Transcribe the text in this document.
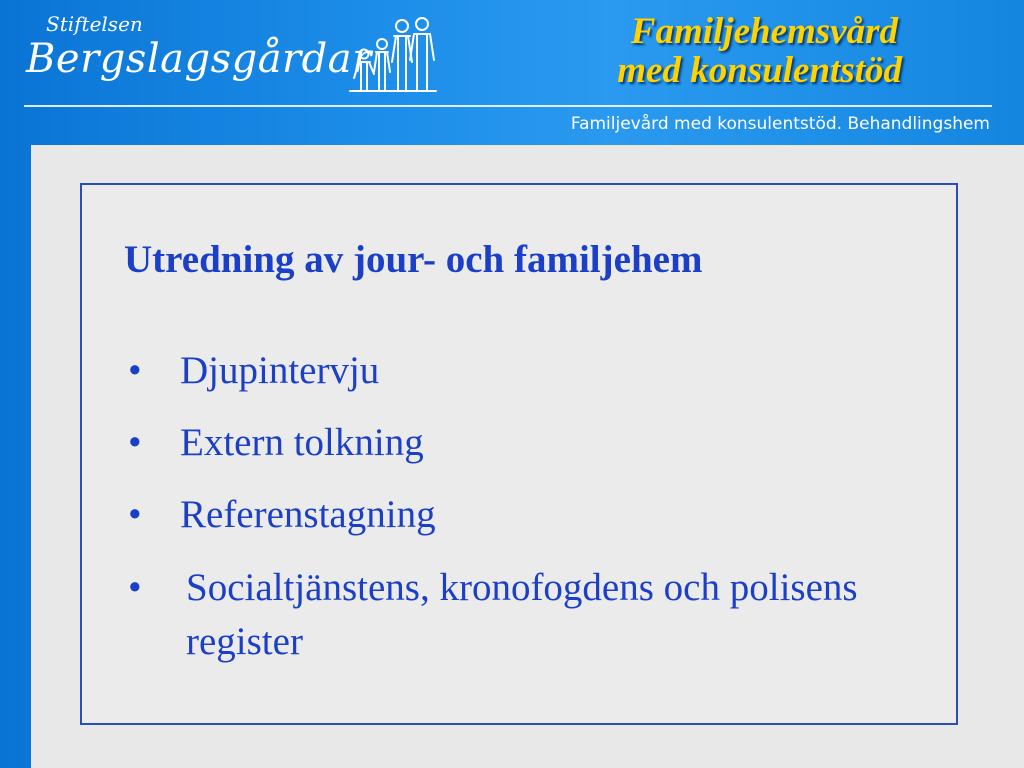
Stiftelsen
Bergslagsgårdar
Familjehemsvård
med konsulentstöd
Familjevård med konsulentstöd. Behandlingshem
Utredning av jour- och familjehem
• Djupintervju
• Extern tolkning
• Referenstagning
• Socialtjänstens, kronofogdens och polisens register
